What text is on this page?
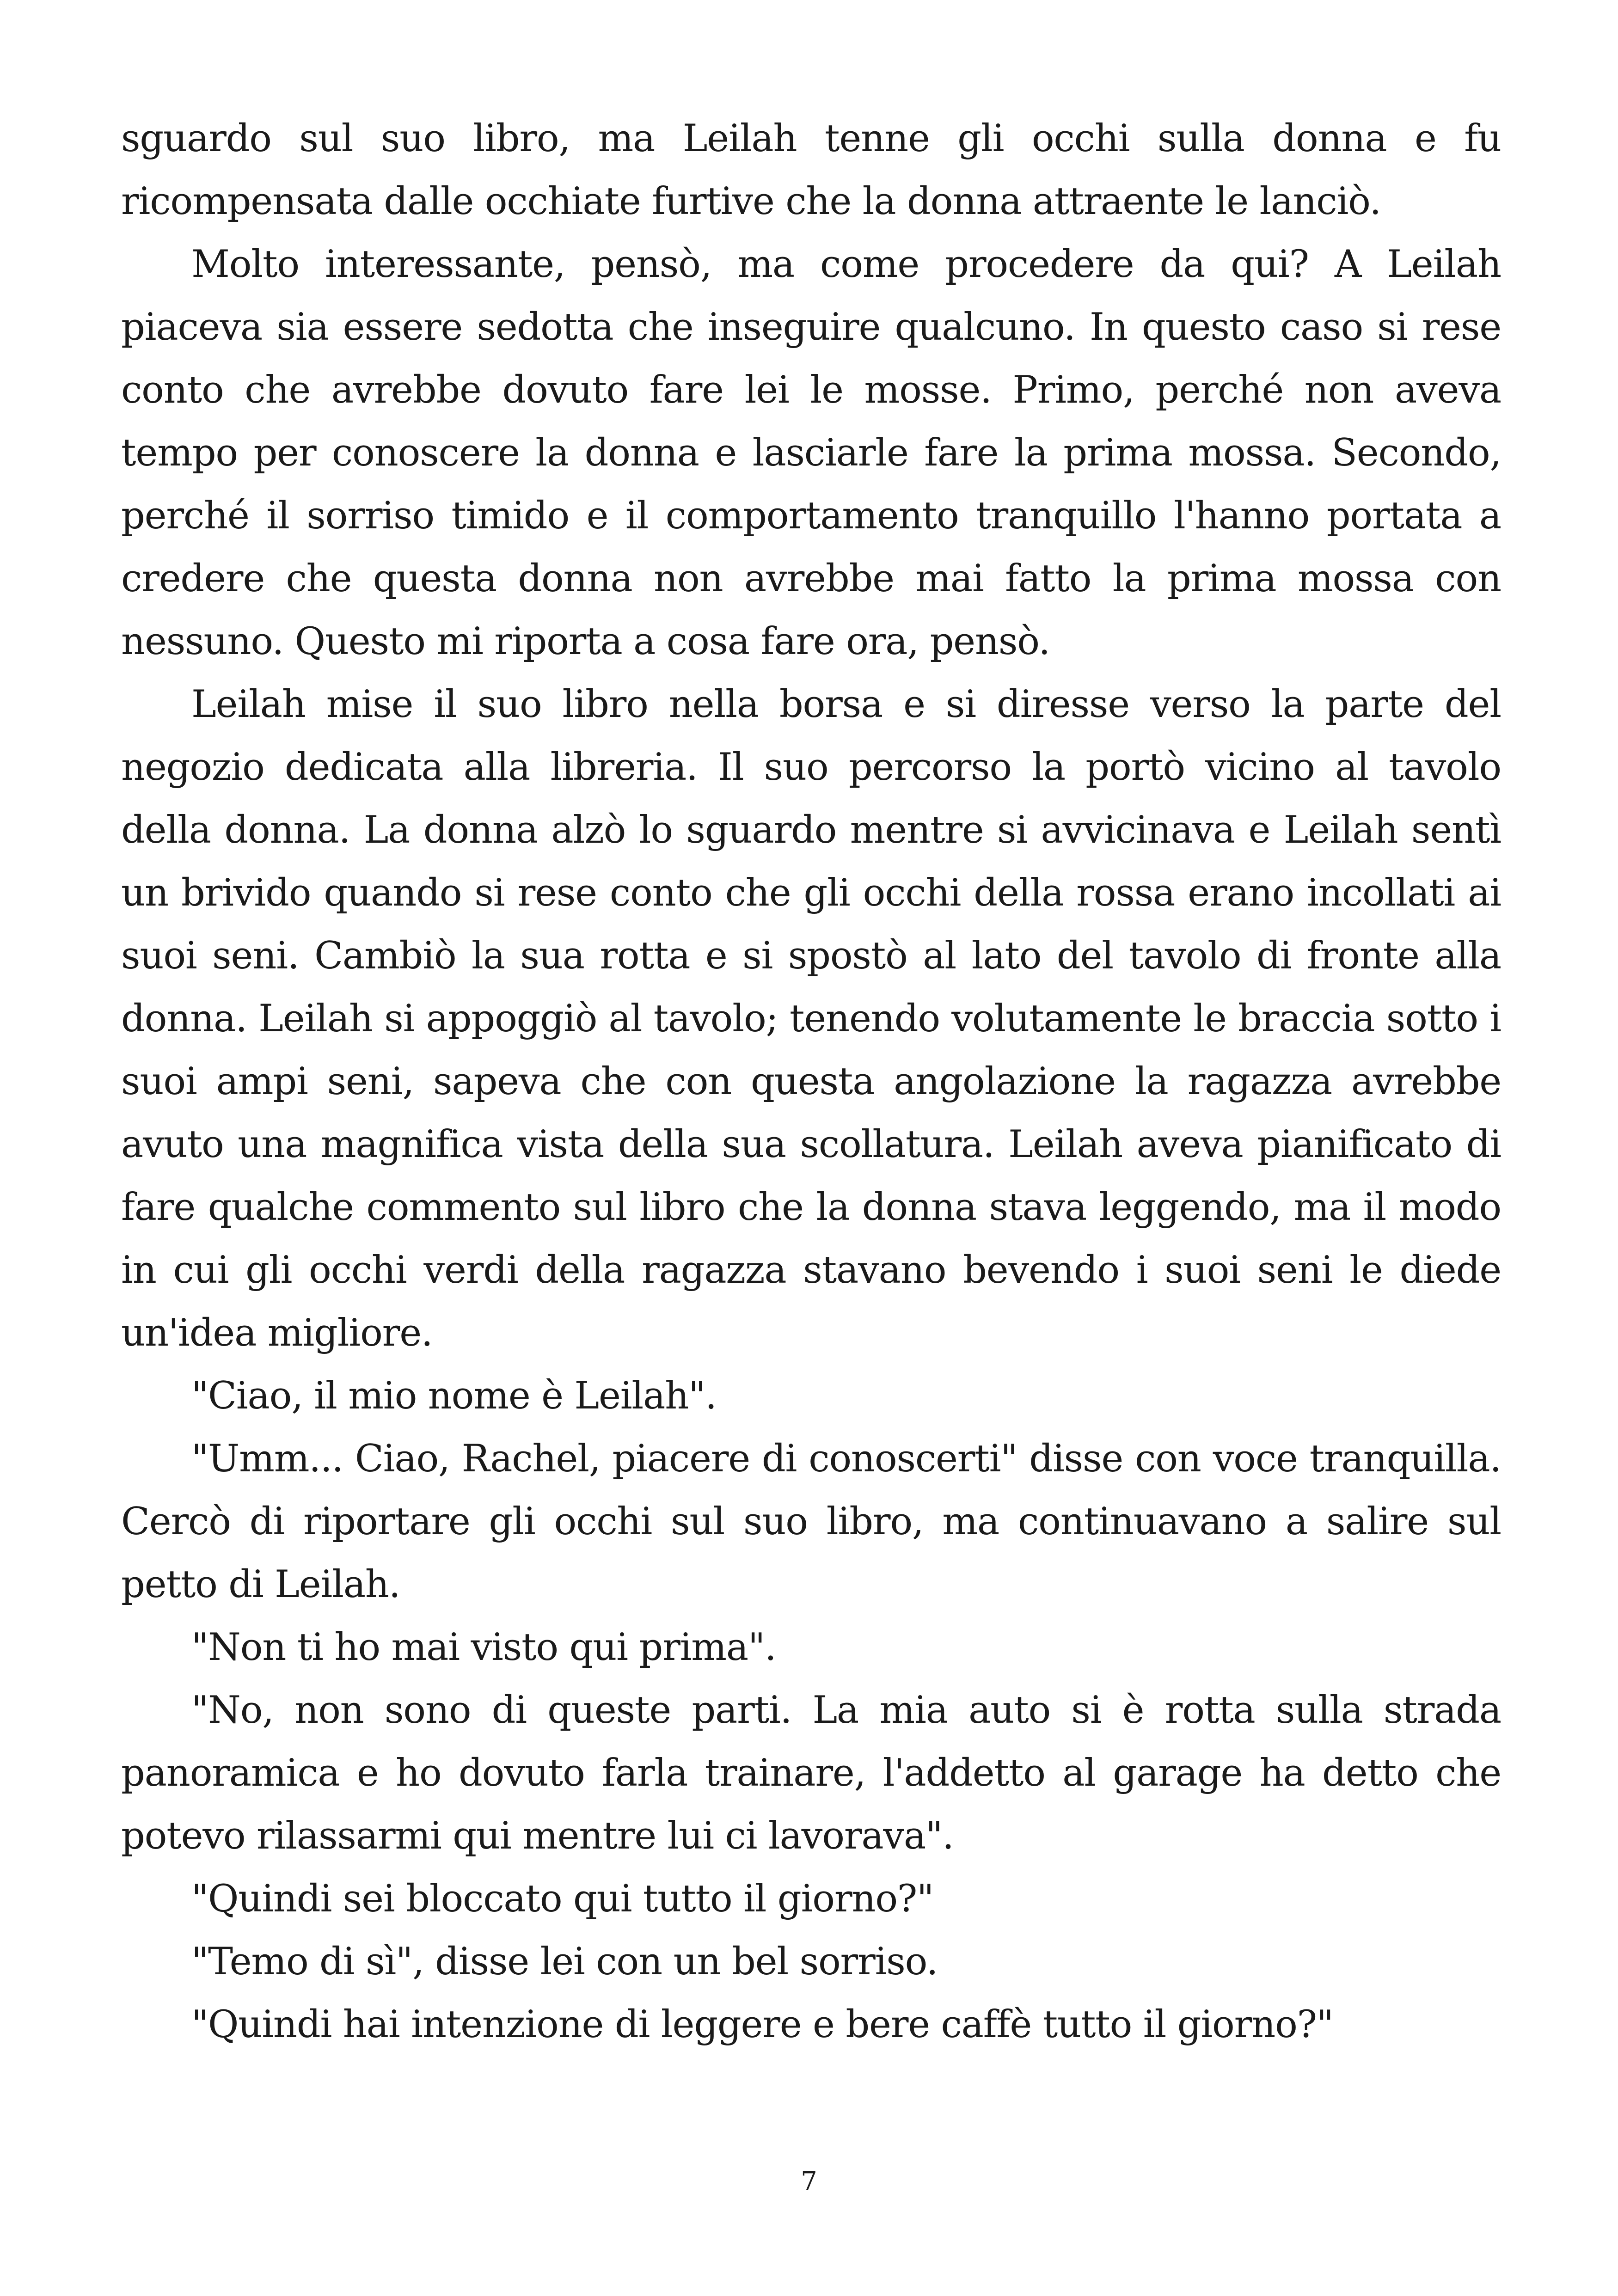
sguardo sul suo libro, ma Leilah tenne gli occhi sulla donna e fu ricompensata dalle occhiate furtive che la donna attraente le lanciò.

Molto interessante, pensò, ma come procedere da qui? A Leilah piaceva sia essere sedotta che inseguire qualcuno. In questo caso si rese conto che avrebbe dovuto fare lei le mosse. Primo, perché non aveva tempo per conoscere la donna e lasciarle fare la prima mossa. Secondo, perché il sorriso timido e il comportamento tranquillo l'hanno portata a credere che questa donna non avrebbe mai fatto la prima mossa con nessuno. Questo mi riporta a cosa fare ora, pensò.

Leilah mise il suo libro nella borsa e si diresse verso la parte del negozio dedicata alla libreria. Il suo percorso la portò vicino al tavolo della donna. La donna alzò lo sguardo mentre si avvicinava e Leilah sentì un brivido quando si rese conto che gli occhi della rossa erano incollati ai suoi seni. Cambiò la sua rotta e si spostò al lato del tavolo di fronte alla donna. Leilah si appoggiò al tavolo; tenendo volutamente le braccia sotto i suoi ampi seni, sapeva che con questa angolazione la ragazza avrebbe avuto una magnifica vista della sua scollatura. Leilah aveva pianificato di fare qualche commento sul libro che la donna stava leggendo, ma il modo in cui gli occhi verdi della ragazza stavano bevendo i suoi seni le diede un'idea migliore.

"Ciao, il mio nome è Leilah".

"Umm... Ciao, Rachel, piacere di conoscerti" disse con voce tranquilla. Cercò di riportare gli occhi sul suo libro, ma continuavano a salire sul petto di Leilah.

"Non ti ho mai visto qui prima".

"No, non sono di queste parti. La mia auto si è rotta sulla strada panoramica e ho dovuto farla trainare, l'addetto al garage ha detto che potevo rilassarmi qui mentre lui ci lavorava".

"Quindi sei bloccato qui tutto il giorno?"

"Temo di sì", disse lei con un bel sorriso.

"Quindi hai intenzione di leggere e bere caffè tutto il giorno?"

7
